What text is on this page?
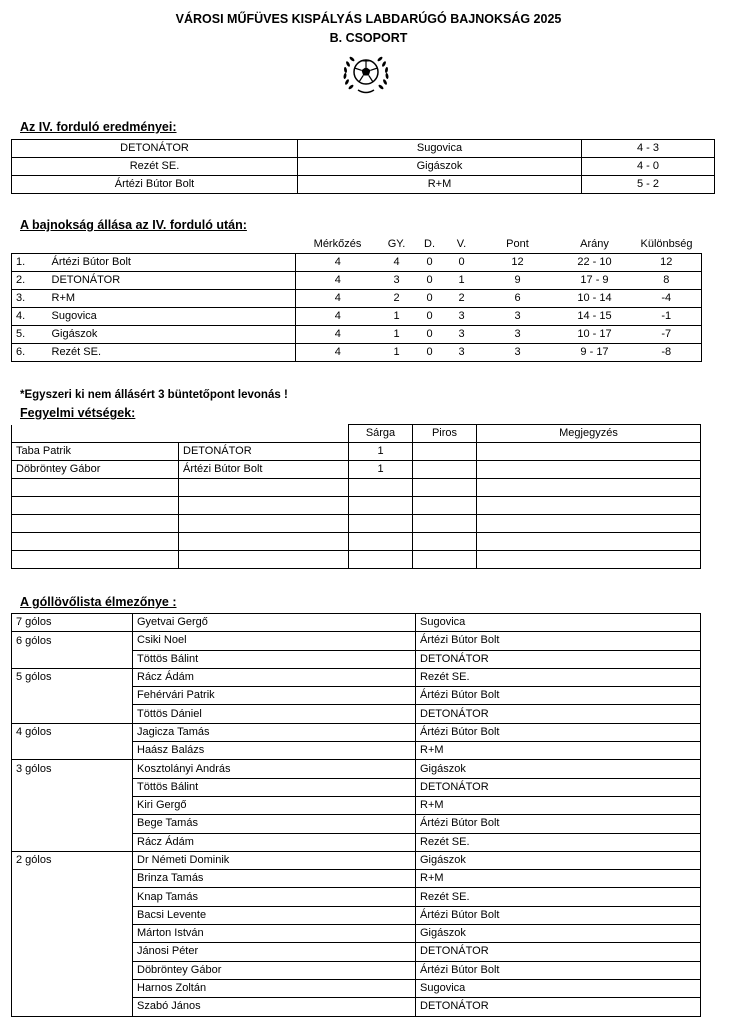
VÁROSI MŰFÜVES KISPÁLYÁS LABDARÚGÓ BAJNOKSÁG 2025
B. CSOPORT
Az IV. forduló eredményei:
DETONÁTOR	Sugovica	4 - 3
Rezét SE.	Gigászok	4 - 0
Ártézi Bútor Bolt	R+M	5 - 2
A bajnokság állása az IV. forduló után:
		Mérkőzés	GY.	D.	V.	Pont	Arány	Különbség
1.	Ártézi Bútor Bolt	4	4	0	0	12	22 - 10	12
2.	DETONÁTOR	4	3	0	1	9	17 - 9	8
3.	R+M	4	2	0	2	6	10 - 14	-4
4.	Sugovica	4	1	0	3	3	14 - 15	-1
5.	Gigászok	4	1	0	3	3	10 - 17	-7
6.	Rezét SE.	4	1	0	3	3	9 - 17	-8
*Egyszeri ki nem állásért 3 büntetőpont levonás !
Fegyelmi vétségek:
		Sárga	Piros	Megjegyzés
Taba Patrik	DETONÁTOR	1		
Döbröntey Gábor	Ártézi Bútor Bolt	1		

A góllövőlista élmezőnye :
7 gólos	Gyetvai Gergő	Sugovica
6 gólos	Csiki Noel	Ártézi Bútor Bolt
	Töttös Bálint	DETONÁTOR
5 gólos	Rácz Ádám	Rezét SE.
	Fehérvári Patrik	Ártézi Bútor Bolt
	Töttös Dániel	DETONÁTOR
4 gólos	Jagicza Tamás	Ártézi Bútor Bolt
	Haász Balázs	R+M
3 gólos	Kosztolányi András	Gigászok
	Töttös Bálint	DETONÁTOR
	Kiri Gergő	R+M
	Bege Tamás	Ártézi Bútor Bolt
	Rácz Ádám	Rezét SE.
2 gólos	Dr Németi Dominik	Gigászok
	Brinza Tamás	R+M
	Knap Tamás	Rezét SE.
	Bacsi Levente	Ártézi Bútor Bolt
	Márton István	Gigászok
	Jánosi Péter	DETONÁTOR
	Döbröntey Gábor	Ártézi Bútor Bolt
	Harnos Zoltán	Sugovica
	Szabó János	DETONÁTOR
